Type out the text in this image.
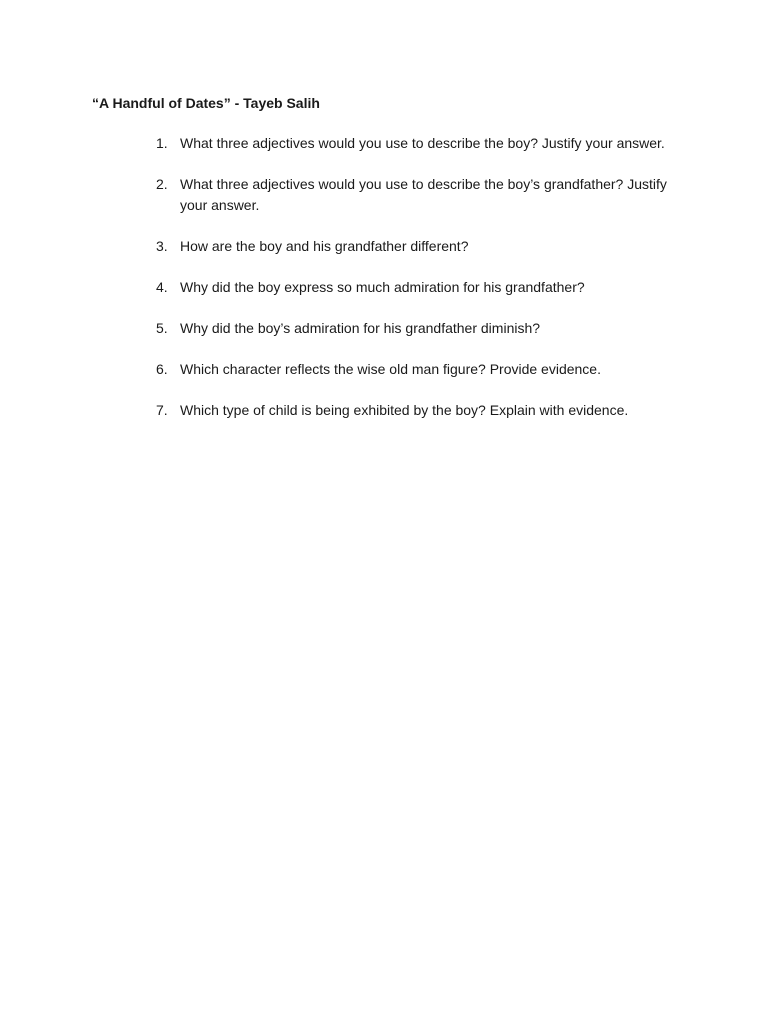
“A Handful of Dates” - Tayeb Salih
1. What three adjectives would you use to describe the boy? Justify your answer.
2. What three adjectives would you use to describe the boy’s grandfather? Justify your answer.
3. How are the boy and his grandfather different?
4. Why did the boy express so much admiration for his grandfather?
5. Why did the boy’s admiration for his grandfather diminish?
6. Which character reflects the wise old man figure? Provide evidence.
7. Which type of child is being exhibited by the boy? Explain with evidence.
